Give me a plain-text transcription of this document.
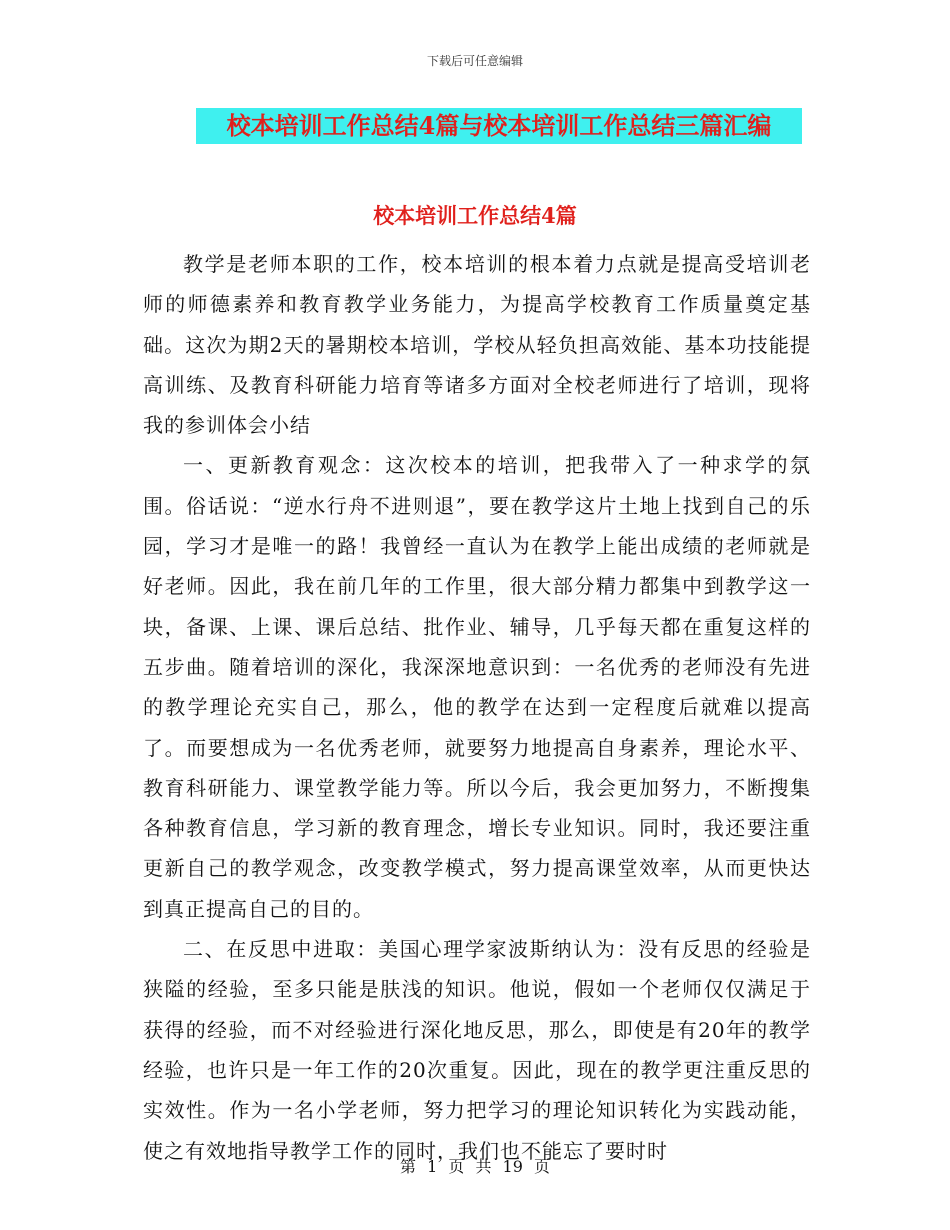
下载后可任意编辑
校本培训工作总结4篇与校本培训工作总结三篇汇编
校本培训工作总结4篇

教学是老师本职的工作，校本培训的根本着力点就是提高受培训老师的师德素养和教育教学业务能力，为提高学校教育工作质量奠定基础。这次为期2天的暑期校本培训，学校从轻负担高效能、基本功技能提高训练、及教育科研能力培育等诸多方面对全校老师进行了培训，现将我的参训体会小结

一、更新教育观念：这次校本的培训，把我带入了一种求学的氛围。俗话说：“逆水行舟不进则退”，要在教学这片土地上找到自己的乐园，学习才是唯一的路！我曾经一直认为在教学上能出成绩的老师就是好老师。因此，我在前几年的工作里，很大部分精力都集中到教学这一块，备课、上课、课后总结、批作业、辅导，几乎每天都在重复这样的五步曲。随着培训的深化，我深深地意识到：一名优秀的老师没有先进的教学理论充实自己，那么，他的教学在达到一定程度后就难以提高了。而要想成为一名优秀老师，就要努力地提高自身素养，理论水平、教育科研能力、课堂教学能力等。所以今后，我会更加努力，不断搜集各种教育信息，学习新的教育理念，增长专业知识。同时，我还要注重更新自己的教学观念，改变教学模式，努力提高课堂效率，从而更快达到真正提高自己的目的。

二、在反思中进取：美国心理学家波斯纳认为：没有反思的经验是狭隘的经验，至多只能是肤浅的知识。他说，假如一个老师仅仅满足于获得的经验，而不对经验进行深化地反思，那么，即使是有20年的教学经验，也许只是一年工作的20次重复。因此，现在的教学更注重反思的实效性。作为一名小学老师，努力把学习的理论知识转化为实践动能，使之有效地指导教学工作的同时，我们也不能忘了要时时

第 1 页 共 19 页
